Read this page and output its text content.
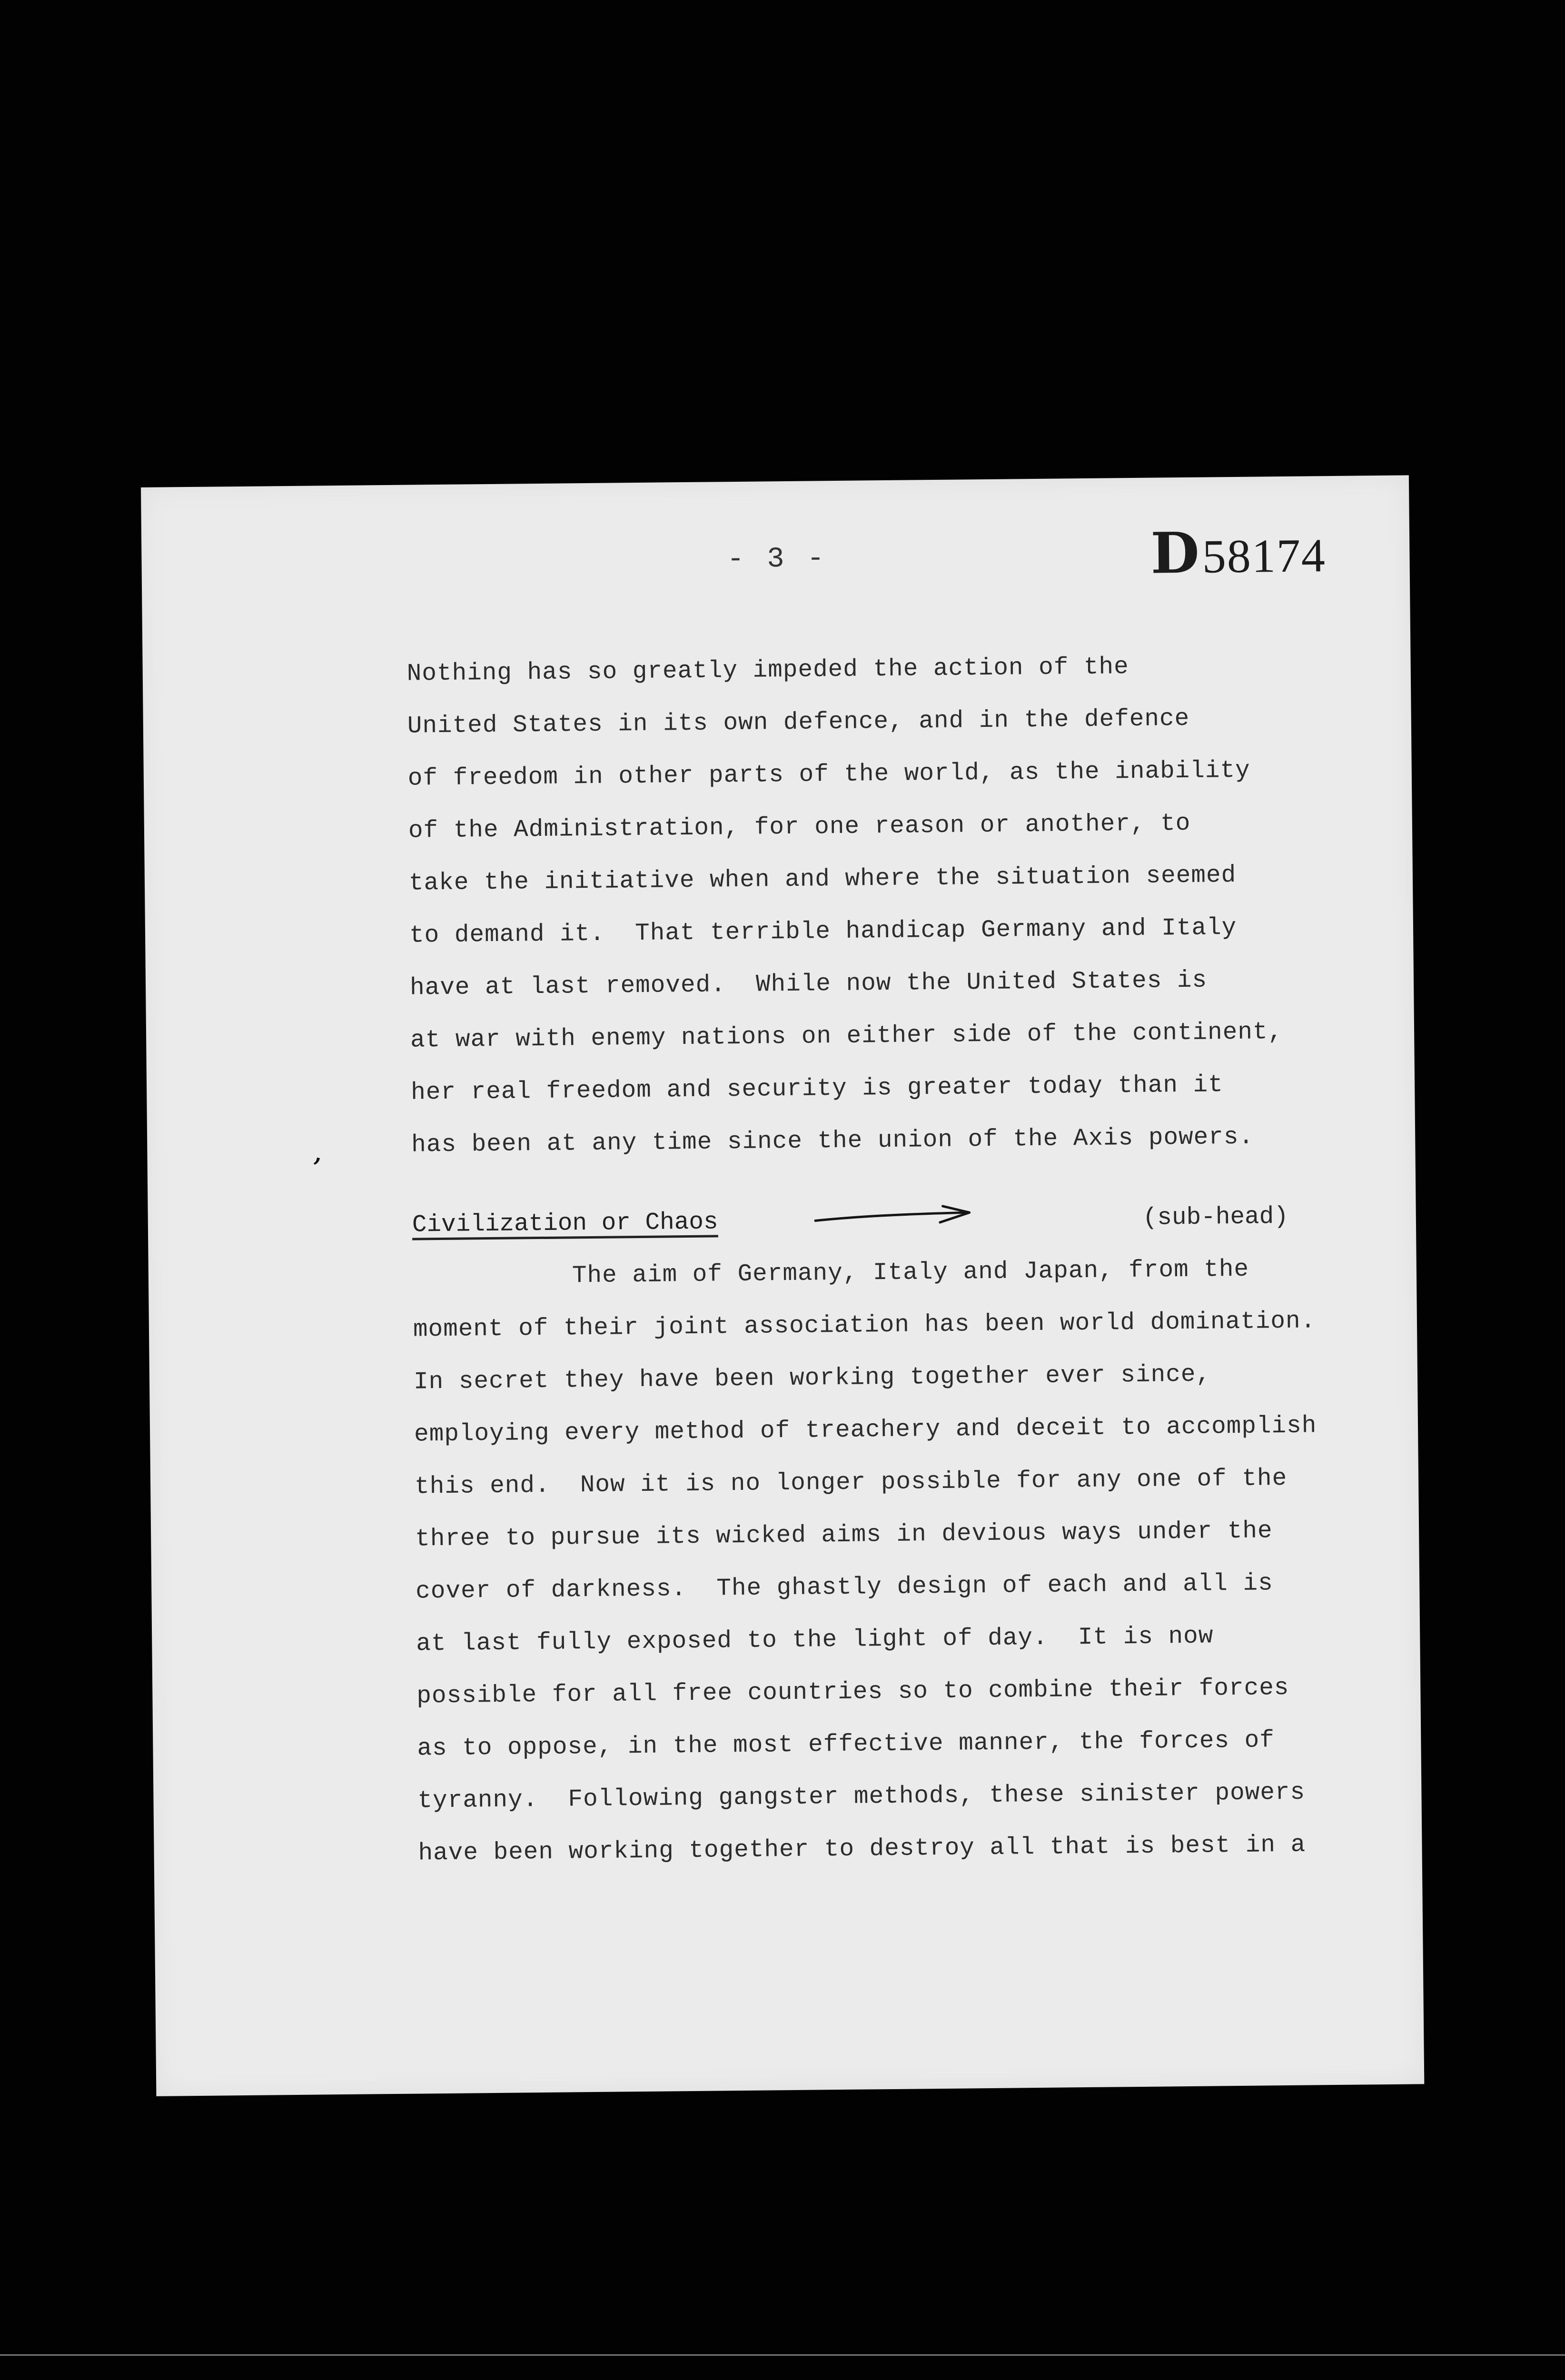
- 3 -	D 58174
ʼ
Nothing has so greatly impeded the action of the
United States in its own defence, and in the defence
of freedom in other parts of the world, as the inability
of the Administration, for one reason or another, to
take the initiative when and where the situation seemed
to demand it.  That terrible handicap Germany and Italy
have at last removed.  While now the United States is
at war with enemy nations on either side of the continent,
her real freedom and security is greater today than it
has been at any time since the union of the Axis powers.
Civilization or Chaos	(sub-head)
The aim of Germany, Italy and Japan, from the
moment of their joint association has been world domination.
In secret they have been working together ever since,
employing every method of treachery and deceit to accomplish
this end.  Now it is no longer possible for any one of the
three to pursue its wicked aims in devious ways under the
cover of darkness.  The ghastly design of each and all is
at last fully exposed to the light of day.  It is now
possible for all free countries so to combine their forces
as to oppose, in the most effective manner, the forces of
tyranny.  Following gangster methods, these sinister powers
have been working together to destroy all that is best in a
